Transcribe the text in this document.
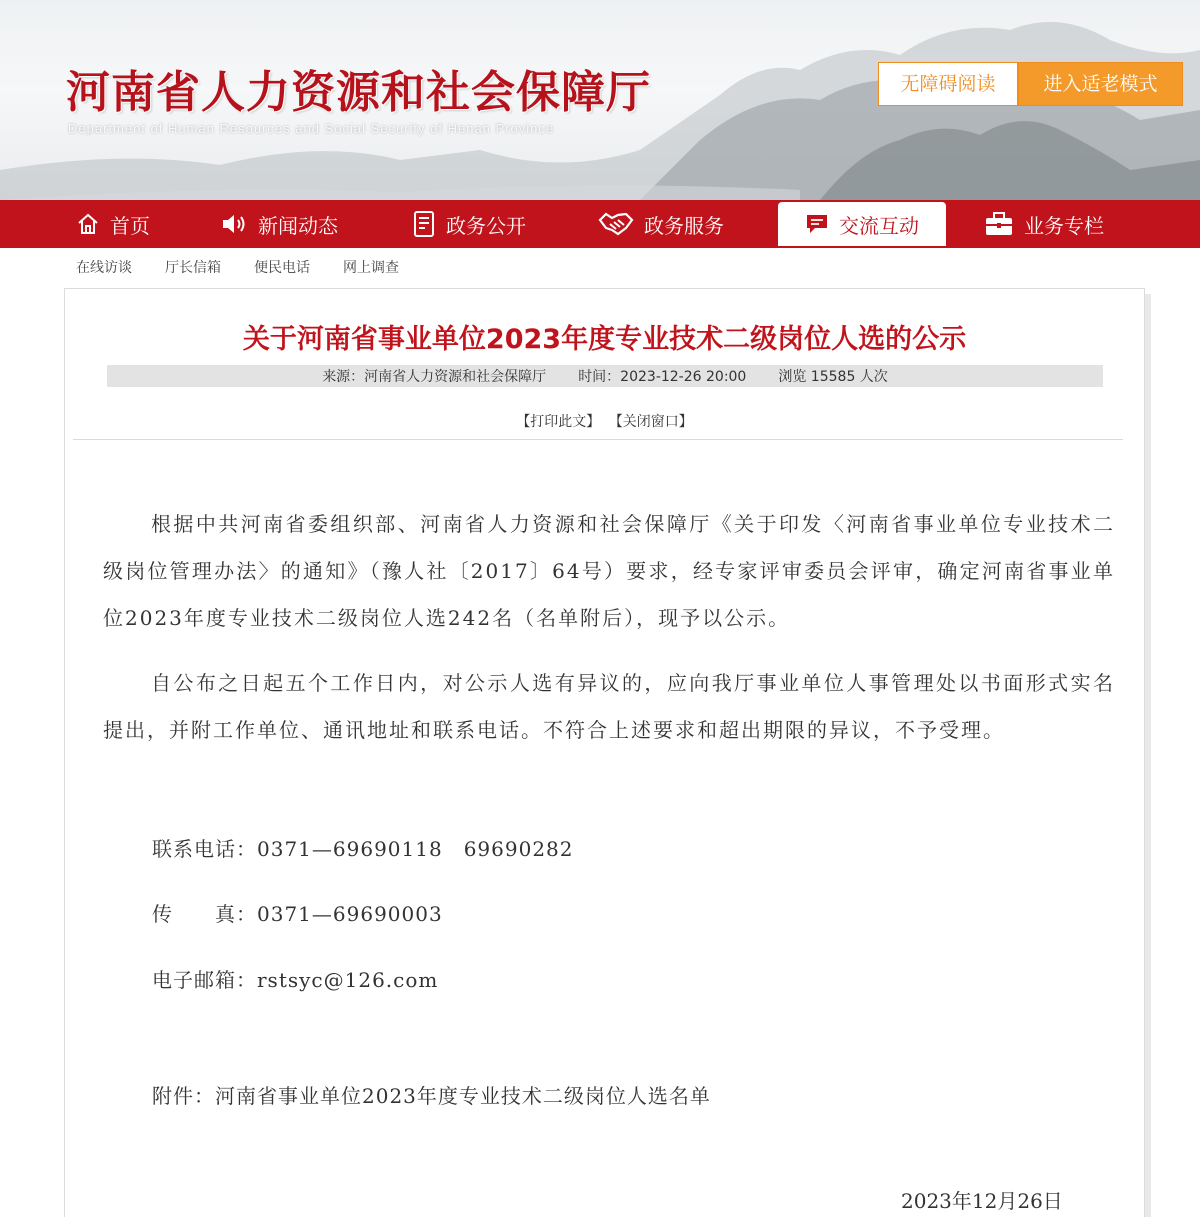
河南省人力资源和社会保障厅
Department of Human Resources and Social Security of Henan Province
无障碍阅读	进入适老模式
首页	新闻动态	政务公开	政务服务	交流互动	业务专栏
在线访谈 厅长信箱 便民电话 网上调查
关于河南省事业单位2023年度专业技术二级岗位人选的公示
来源：河南省人力资源和社会保障厅 时间：2023-12-26 20:00 浏览 15585 人次
【打印此文】 【关闭窗口】

根据中共河南省委组织部、河南省人力资源和社会保障厅《关于印发〈河南省事业单位专业技术二级岗位管理办法〉的通知》（豫人社〔2017〕64号）要求，经专家评审委员会评审，确定河南省事业单位2023年度专业技术二级岗位人选242名（名单附后），现予以公示。

自公布之日起五个工作日内，对公示人选有异议的，应向我厅事业单位人事管理处以书面形式实名提出，并附工作单位、通讯地址和联系电话。不符合上述要求和超出期限的异议，不予受理。

联系电话：0371—69690118　69690282
传　　真：0371—69690003
电子邮箱：rstsyc@126.com
附件：河南省事业单位2023年度专业技术二级岗位人选名单
2023年12月26日
